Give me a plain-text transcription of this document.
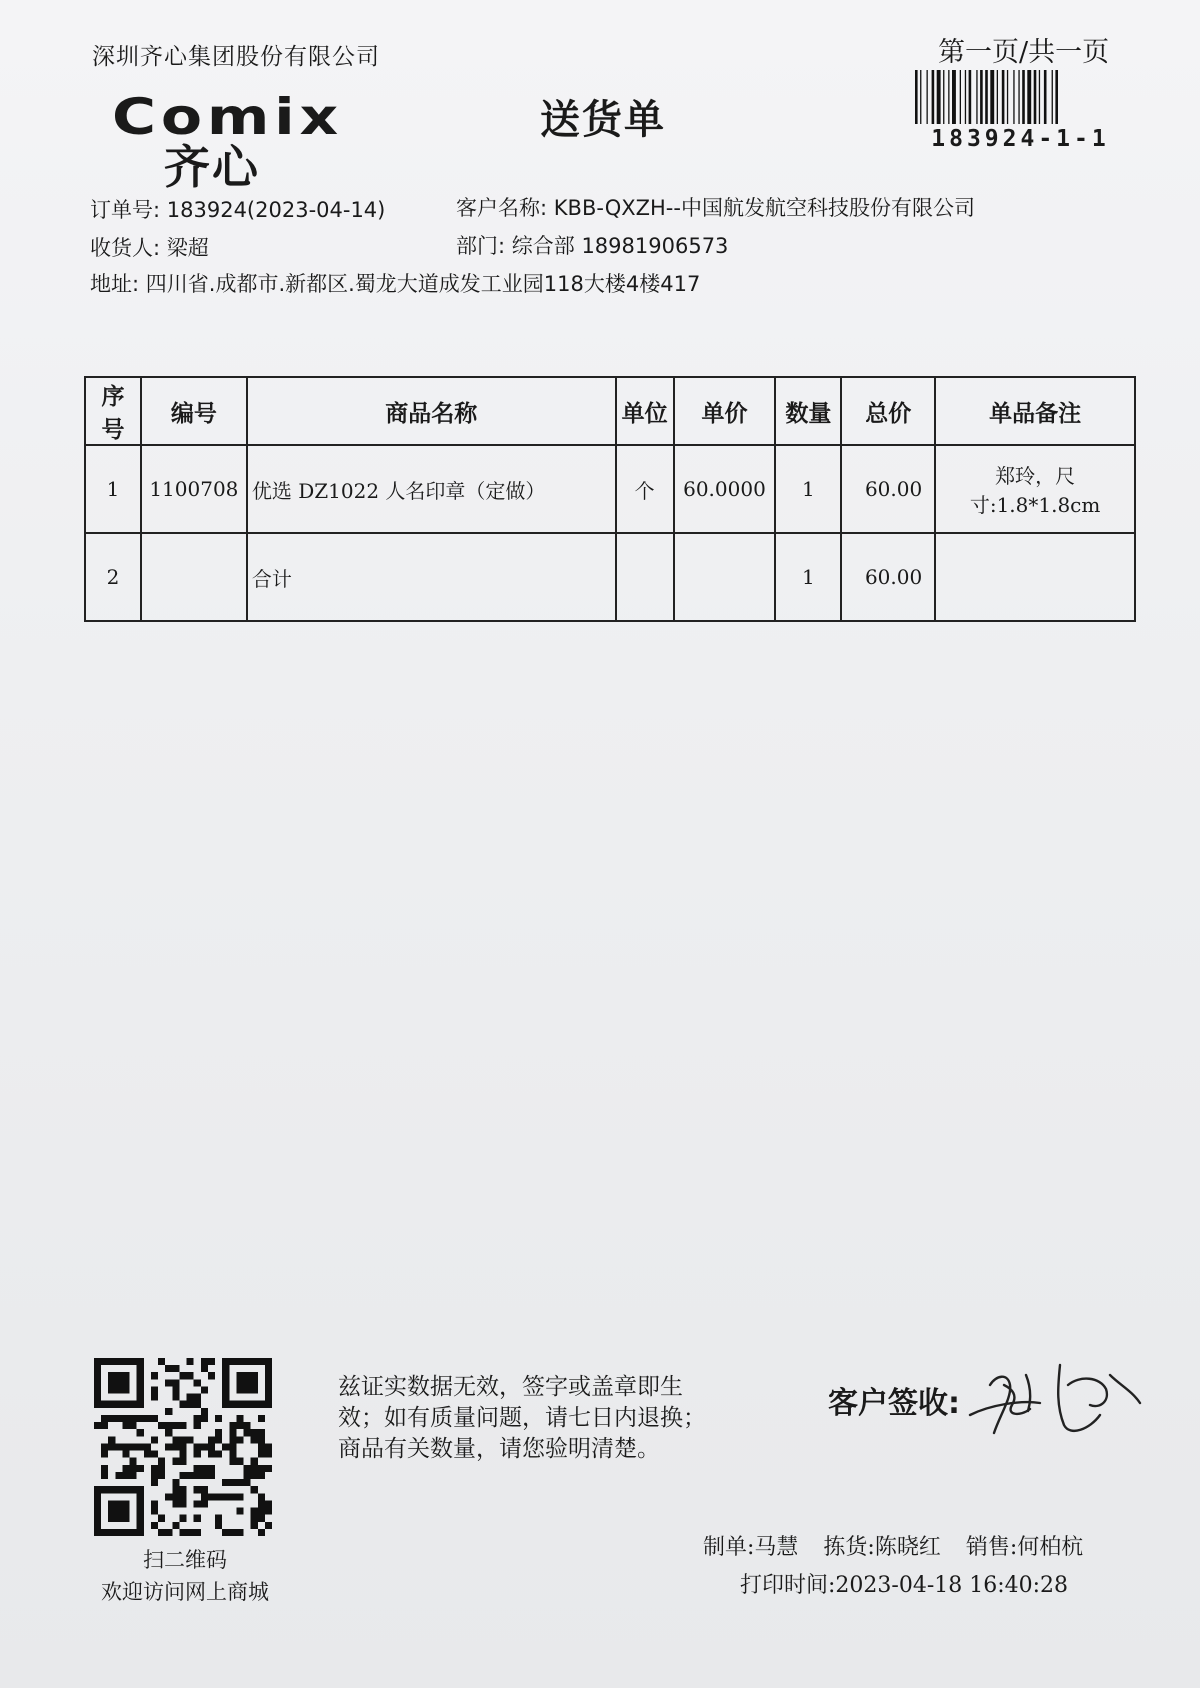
深圳齐心集团股份有限公司	第一页/共一页
183924-1-1
Comix
齐心
送货单
订单号: 183924(2023-04-14)	客户名称: KBB-QXZH--中国航发航空科技股份有限公司
收货人: 梁超	部门: 综合部 18981906573
地址: 四川省.成都市.新都区.蜀龙大道成发工业园118大楼4楼417
序号	编号	商品名称	单位	单价	数量	总价	单品备注
1	1100708	优选 DZ1022 人名印章（定做）	个	60.0000	1	60.00	郑玲，尺
寸:1.8*1.8cm

2		合计			1	60.00	
扫二维码
欢迎访问网上商城
兹证实数据无效，签字或盖章即生
效；如有质量问题，请七日内退换；
商品有关数量，请您验明清楚。
客户签收:
制单:马慧 拣货:陈晓红 销售:何柏杭
打印时间:2023-04-18 16:40:28
